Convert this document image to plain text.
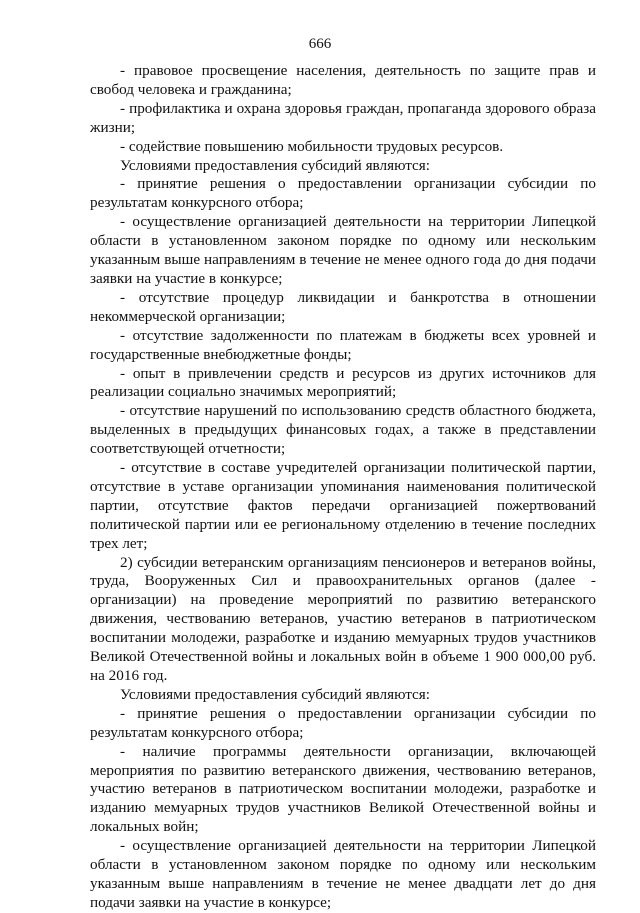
666

- правовое просвещение населения, деятельность по защите прав и свобод человека и гражданина;

- профилактика и охрана здоровья граждан, пропаганда здорового образа жизни;

- содействие повышению мобильности трудовых ресурсов.

Условиями предоставления субсидий являются:

- принятие решения о предоставлении организации субсидии по результатам конкурсного отбора;

- осуществление организацией деятельности на территории Липецкой области в установленном законом порядке по одному или нескольким указанным выше направлениям в течение не менее одного года до дня подачи заявки на участие в конкурсе;

- отсутствие процедур ликвидации и банкротства в отношении некоммерческой организации;

- отсутствие задолженности по платежам в бюджеты всех уровней и государственные внебюджетные фонды;

- опыт в привлечении средств и ресурсов из других источников для реализации социально значимых мероприятий;

- отсутствие нарушений по использованию средств областного бюджета, выделенных в предыдущих финансовых годах, а также в представлении соответствующей отчетности;

- отсутствие в составе учредителей организации политической партии, отсутствие в уставе организации упоминания наименования политической партии, отсутствие фактов передачи организацией пожертвований политической партии или ее региональному отделению в течение последних трех лет;

2) субсидии ветеранским организациям пенсионеров и ветеранов войны, труда, Вооруженных Сил и правоохранительных органов (далее - организации) на проведение мероприятий по развитию ветеранского движения, чествованию ветеранов, участию ветеранов в патриотическом воспитании молодежи, разработке и изданию мемуарных трудов участников Великой Отечественной войны и локальных войн в объеме 1 900 000,00 руб. на 2016 год.

Условиями предоставления субсидий являются:

- принятие решения о предоставлении организации субсидии по результатам конкурсного отбора;

- наличие программы деятельности организации, включающей мероприятия по развитию ветеранского движения, чествованию ветеранов, участию ветеранов в патриотическом воспитании молодежи, разработке и изданию мемуарных трудов участников Великой Отечественной войны и локальных войн;

- осуществление организацией деятельности на территории Липецкой области в установленном законом порядке по одному или нескольким указанным выше направлениям в течение не менее двадцати лет до дня подачи заявки на участие в конкурсе;
